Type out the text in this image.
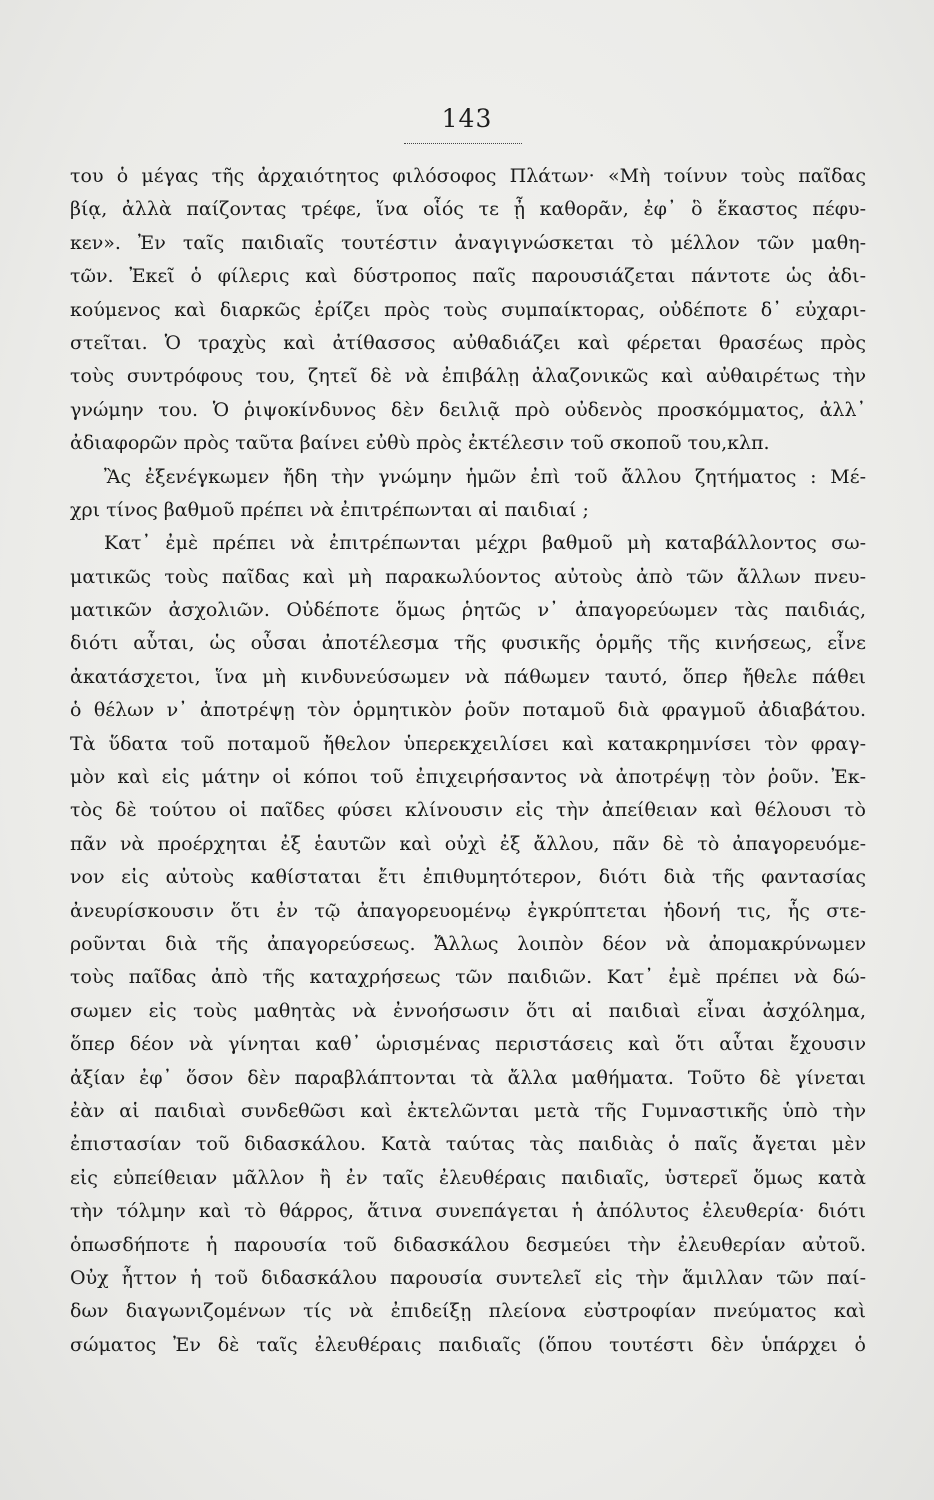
143
του ὁ μέγας τῆς ἀρχαιότητος φιλόσοφος Πλάτων· «Μὴ τοίνυν τοὺς παῖδας
βίᾳ, ἀλλὰ παίζοντας τρέφε, ἵνα οἷός τε ᾖ καθορᾶν, ἐφ᾽ ὃ ἕκαστος πέφυ-
κεν». Ἐν ταῖς παιδιαῖς τουτέστιν ἀναγιγνώσκεται τὸ μέλλον τῶν μαθη-
τῶν. Ἐκεῖ ὁ φίλερις καὶ δύστροπος παῖς παρουσιάζεται πάντοτε ὡς ἀδι-
κούμενος καὶ διαρκῶς ἐρίζει πρὸς τοὺς συμπαίκτορας, οὐδέποτε δ᾽ εὐχαρι-
στεῖται. Ὁ τραχὺς καὶ ἀτίθασσος αὐθαδιάζει καὶ φέρεται θρασέως πρὸς
τοὺς συντρόφους του, ζητεῖ δὲ νὰ ἐπιβάλῃ ἀλαζονικῶς καὶ αὐθαιρέτως τὴν
γνώμην του. Ὁ ῥιψοκίνδυνος δὲν δειλιᾷ πρὸ οὐδενὸς προσκόμματος, ἀλλ᾽
ἀδιαφορῶν πρὸς ταῦτα βαίνει εὐθὺ πρὸς ἐκτέλεσιν τοῦ σκοποῦ του,κλπ.
Ἂς ἐξενέγκωμεν ἤδη τὴν γνώμην ἡμῶν ἐπὶ τοῦ ἄλλου ζητήματος : Μέ-
χρι τίνος βαθμοῦ πρέπει νὰ ἐπιτρέπωνται αἱ παιδιαί ;
Κατ᾽ ἐμὲ πρέπει νὰ ἐπιτρέπωνται μέχρι βαθμοῦ μὴ καταβάλλοντος σω-
ματικῶς τοὺς παῖδας καὶ μὴ παρακωλύοντος αὐτοὺς ἀπὸ τῶν ἄλλων πνευ-
ματικῶν ἀσχολιῶν. Οὐδέποτε ὅμως ῥητῶς ν᾽ ἀπαγορεύωμεν τὰς παιδιάς,
διότι αὗται, ὡς οὖσαι ἀποτέλεσμα τῆς φυσικῆς ὁρμῆς τῆς κινήσεως, εἶνε
ἀκατάσχετοι, ἵνα μὴ κινδυνεύσωμεν νὰ πάθωμεν ταυτό, ὅπερ ἤθελε πάθει
ὁ θέλων ν᾽ ἀποτρέψῃ τὸν ὁρμητικὸν ῥοῦν ποταμοῦ διὰ φραγμοῦ ἀδιαβάτου.
Τὰ ὕδατα τοῦ ποταμοῦ ἤθελον ὑπερεκχειλίσει καὶ κατακρημνίσει τὸν φραγ-
μὸν καὶ εἰς μάτην οἱ κόποι τοῦ ἐπιχειρήσαντος νὰ ἀποτρέψῃ τὸν ῥοῦν. Ἐκ-
τὸς δὲ τούτου οἱ παῖδες φύσει κλίνουσιν εἰς τὴν ἀπείθειαν καὶ θέλουσι τὸ
πᾶν νὰ προέρχηται ἐξ ἑαυτῶν καὶ οὐχὶ ἐξ ἄλλου, πᾶν δὲ τὸ ἀπαγορευόμε-
νον εἰς αὐτοὺς καθίσταται ἔτι ἐπιθυμητότερον, διότι διὰ τῆς φαντασίας
ἀνευρίσκουσιν ὅτι ἐν τῷ ἀπαγορευομένῳ ἐγκρύπτεται ἡδονή τις, ἧς στε-
ροῦνται διὰ τῆς ἀπαγορεύσεως. Ἄλλως λοιπὸν δέον νὰ ἀπομακρύνωμεν
τοὺς παῖδας ἀπὸ τῆς καταχρήσεως τῶν παιδιῶν. Κατ᾽ ἐμὲ πρέπει νὰ δώ-
σωμεν εἰς τοὺς μαθητὰς νὰ ἐννοήσωσιν ὅτι αἱ παιδιαὶ εἶναι ἀσχόλημα,
ὅπερ δέον νὰ γίνηται καθ᾽ ὡρισμένας περιστάσεις καὶ ὅτι αὗται ἔχουσιν
ἀξίαν ἐφ᾽ ὅσον δὲν παραβλάπτονται τὰ ἄλλα μαθήματα. Τοῦτο δὲ γίνεται
ἐὰν αἱ παιδιαὶ συνδεθῶσι καὶ ἐκτελῶνται μετὰ τῆς Γυμναστικῆς ὑπὸ τὴν
ἐπιστασίαν τοῦ διδασκάλου. Κατὰ ταύτας τὰς παιδιὰς ὁ παῖς ἄγεται μὲν
εἰς εὐπείθειαν μᾶλλον ἢ ἐν ταῖς ἐλευθέραις παιδιαῖς, ὑστερεῖ ὅμως κατὰ
τὴν τόλμην καὶ τὸ θάρρος, ἅτινα συνεπάγεται ἡ ἀπόλυτος ἐλευθερία· διότι
ὁπωσδήποτε ἡ παρουσία τοῦ διδασκάλου δεσμεύει τὴν ἐλευθερίαν αὐτοῦ.
Οὐχ ἧττον ἡ τοῦ διδασκάλου παρουσία συντελεῖ εἰς τὴν ἅμιλλαν τῶν παί-
δων διαγωνιζομένων τίς νὰ ἐπιδείξῃ πλείονα εὐστροφίαν πνεύματος καὶ
σώματος Ἐν δὲ ταῖς ἐλευθέραις παιδιαῖς (ὅπου τουτέστι δὲν ὑπάρχει ὁ
